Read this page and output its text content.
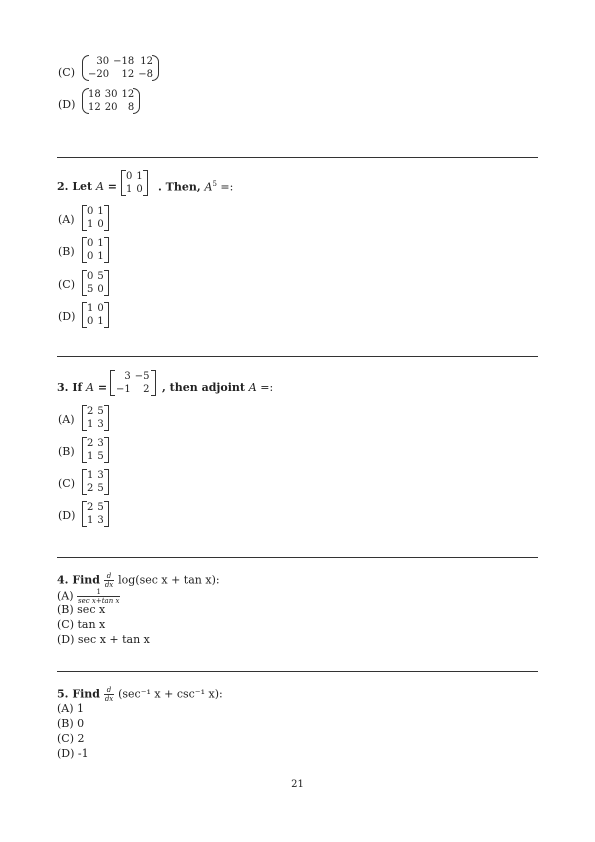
(C)
30	−18	12
−20	12	−8
(D)
18	30	12
12	20	8
2. Let A =
0	1
1	0 . Then, $A^5$ =:
(A)
0	1
1	0
(B)
0	1
0	1
(C)
0	5
5	0
(D)
1	0
0	1
3. If A =
3	−5
−1	2 , then adjoint A =:
(A)
2	5
1	3
(B)
2	3
1	5
(C)
1	3
2	5
(D)
2	5
1	3
4. Find $\frac{d}{dx} \log(\sec$ x + tan x):
$(A) \frac{1}{\text{sec x+tan x}}$
(B) sec x
(C) tan x
(D) sec x + tan x
5. Find $\frac{d}{dx} (\sec^{-1}$ x + csc⁻¹ x):
(A) 1
(B) 0
(C) 2
(D) -1
21
